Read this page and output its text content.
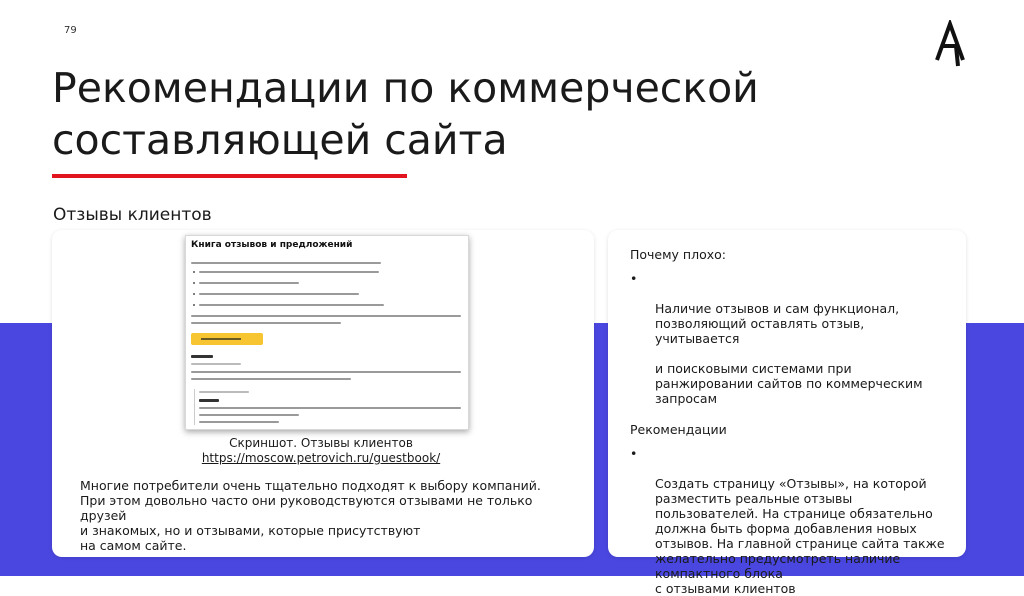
79
Рекомендации по коммерческой составляющей сайта
Отзывы клиентов
Книга отзывов и предложений
Скриншот. Отзывы клиентов
https://moscow.petrovich.ru/guestbook/
Многие потребители очень тщательно подходят к выбору компаний.
При этом довольно часто они руководствуются отзывами не только друзей
и знакомых, но и отзывами, которые присутствуют
на самом сайте.
Почему плохо:

•

Наличие отзывов и сам функционал, позволяющий оставлять отзыв, учитывается

и поисковыми системами при ранжировании сайтов по коммерческим запросам

Рекомендации

•

Создать страницу «Отзывы», на которой разместить реальные отзывы пользователей. На странице обязательно должна быть форма добавления новых отзывов. На главной странице сайта также желательно предусмотреть наличие компактного блока
с отзывами клиентов
